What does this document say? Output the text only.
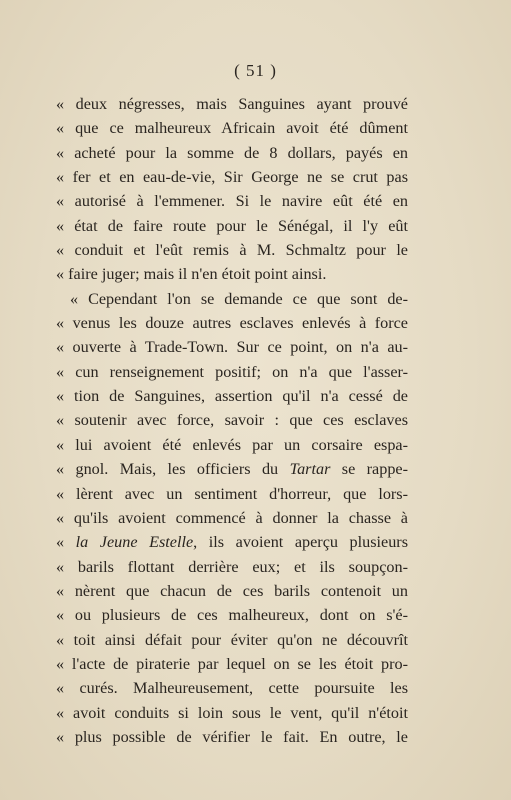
( 51 )
« deux négresses, mais Sanguines ayant prouvé
« que ce malheureux Africain avoit été dûment
« acheté pour la somme de 8 dollars, payés en
« fer et en eau-de-vie, Sir George ne se crut pas
« autorisé à l'emmener. Si le navire eût été en
« état de faire route pour le Sénégal, il l'y eût
« conduit et l'eût remis à M. Schmaltz pour le
« faire juger; mais il n'en étoit point ainsi.
« Cependant l'on se demande ce que sont de-
« venus les douze autres esclaves enlevés à force
« ouverte à Trade-Town. Sur ce point, on n'a au-
« cun renseignement positif; on n'a que l'asser-
« tion de Sanguines, assertion qu'il n'a cessé de
« soutenir avec force, savoir : que ces esclaves
« lui avoient été enlevés par un corsaire espa-
« gnol. Mais, les officiers du Tartar se rappe-
« lèrent avec un sentiment d'horreur, que lors-
« qu'ils avoient commencé à donner la chasse à
« la Jeune Estelle, ils avoient aperçu plusieurs
« barils flottant derrière eux; et ils soupçon-
« nèrent que chacun de ces barils contenoit un
« ou plusieurs de ces malheureux, dont on s'é-
« toit ainsi défait pour éviter qu'on ne découvrît
« l'acte de piraterie par lequel on se les étoit pro-
« curés. Malheureusement, cette poursuite les
« avoit conduits si loin sous le vent, qu'il n'étoit
« plus possible de vérifier le fait. En outre, le
